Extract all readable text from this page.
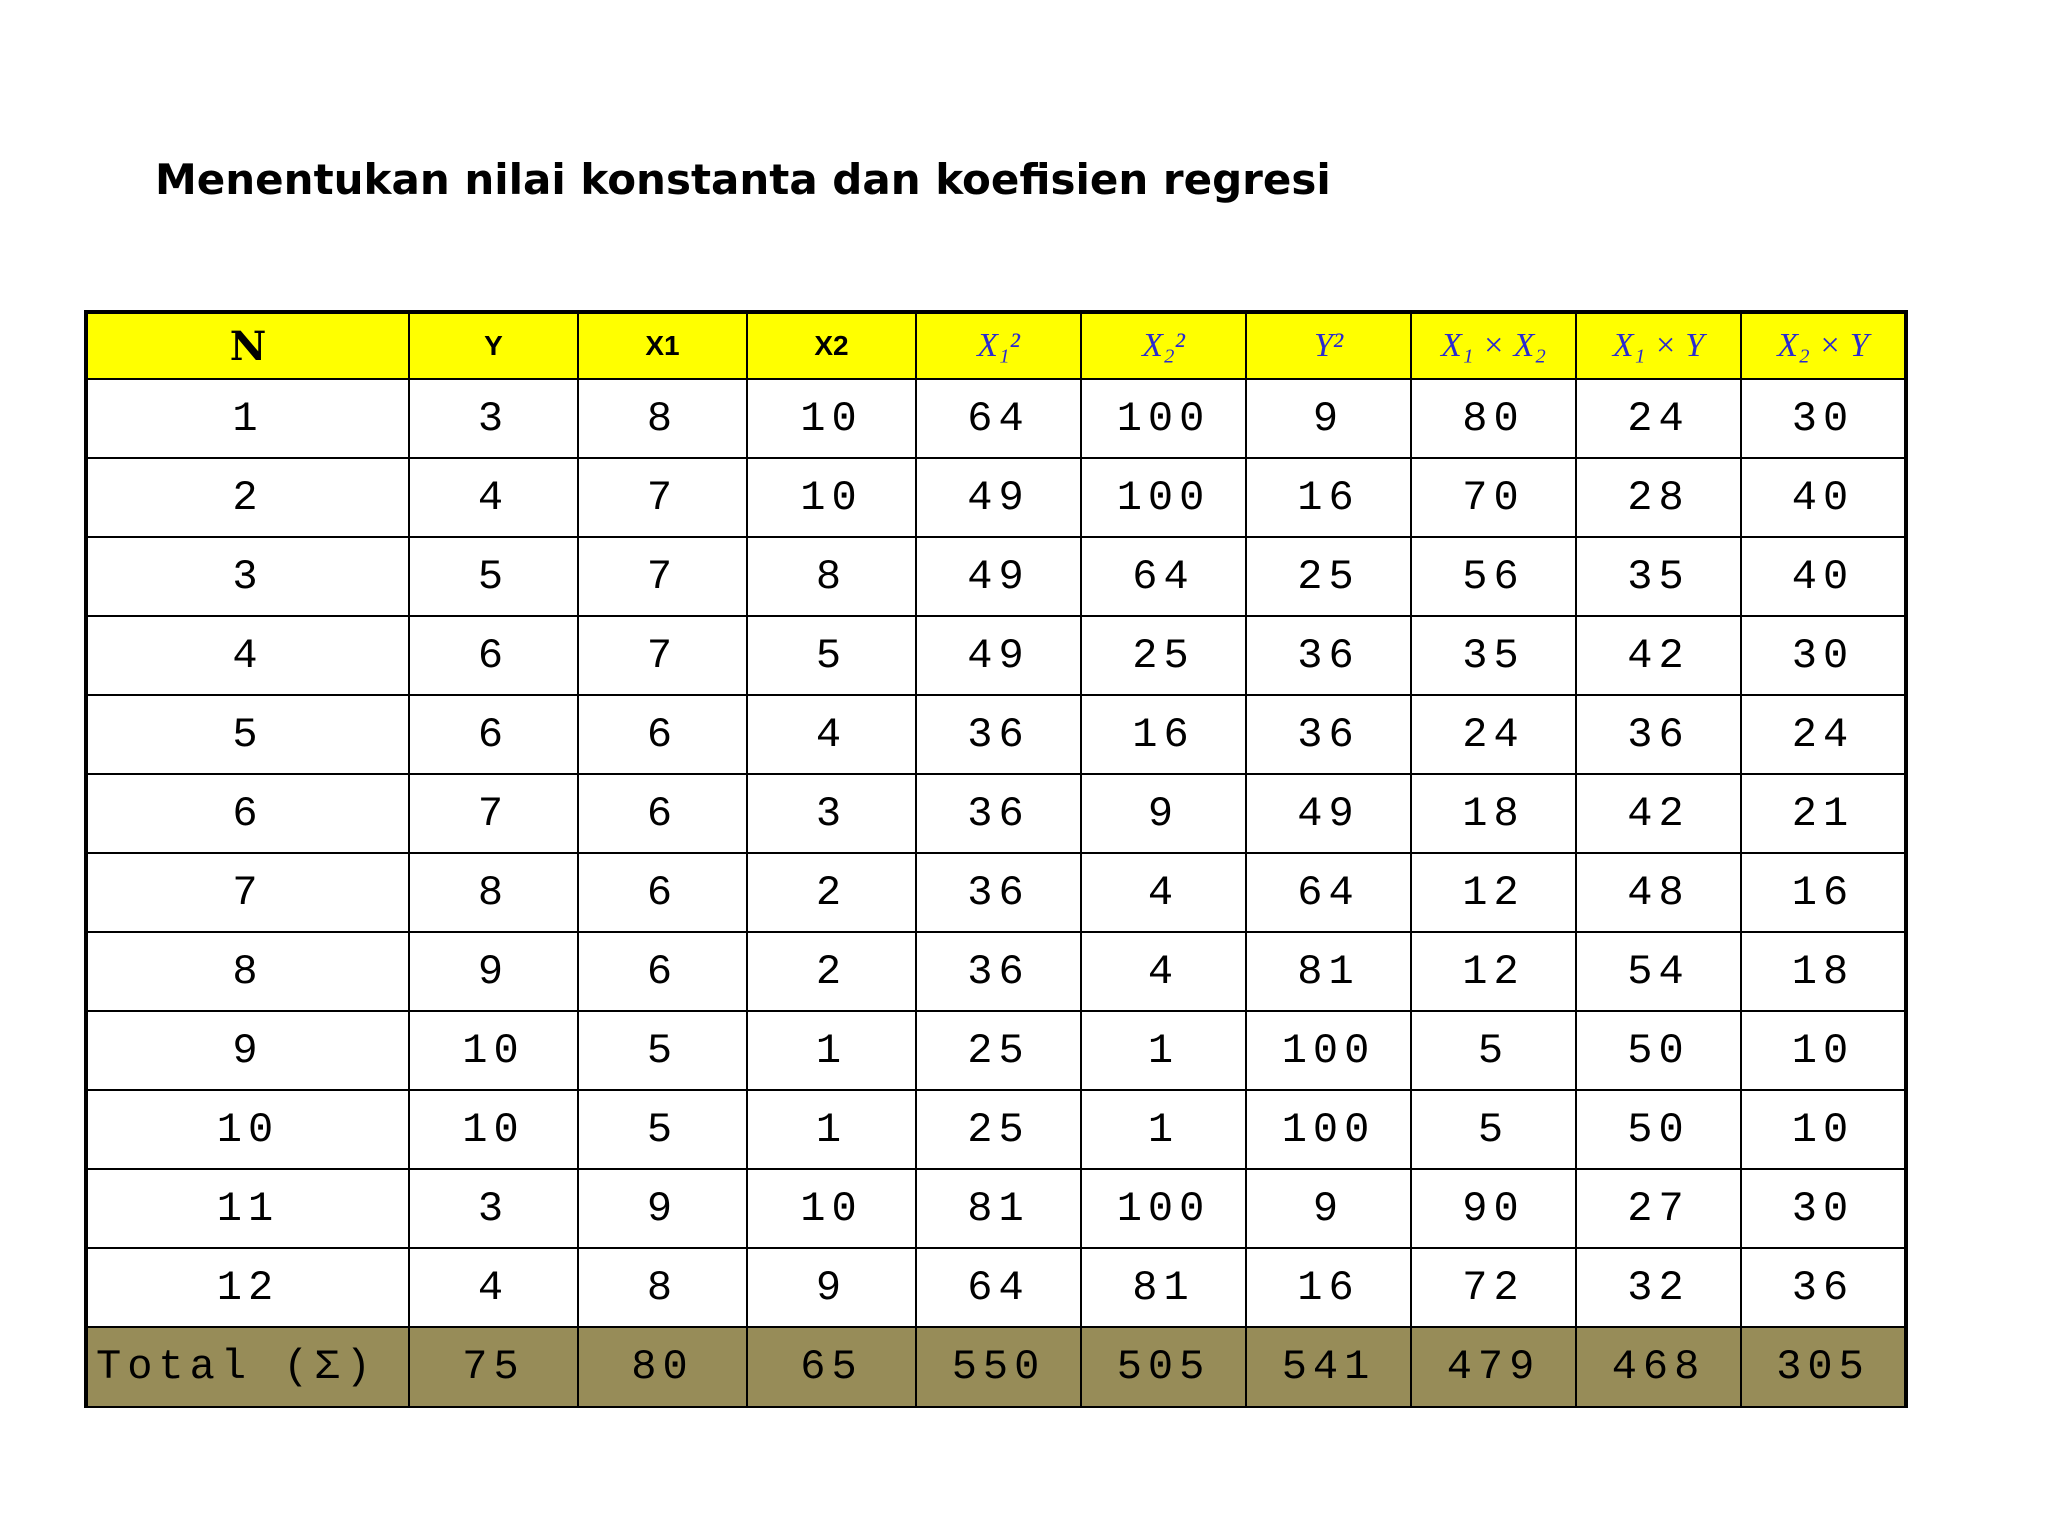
Menentukan nilai konstanta dan koefisien regresi
N	Y	X1	X2	X₁²	X₂²	Y²	X₁ × X₂	X₁ × Y	X₂ × Y
1	3	8	10	64	100	9	80	24	30
2	4	7	10	49	100	16	70	28	40
3	5	7	8	49	64	25	56	35	40
4	6	7	5	49	25	36	35	42	30
5	6	6	4	36	16	36	24	36	24
6	7	6	3	36	9	49	18	42	21
7	8	6	2	36	4	64	12	48	16
8	9	6	2	36	4	81	12	54	18
9	10	5	1	25	1	100	5	50	10
10	10	5	1	25	1	100	5	50	10
11	3	9	10	81	100	9	90	27	30
12	4	8	9	64	81	16	72	32	36
Total (Σ)	75	80	65	550	505	541	479	468	305
